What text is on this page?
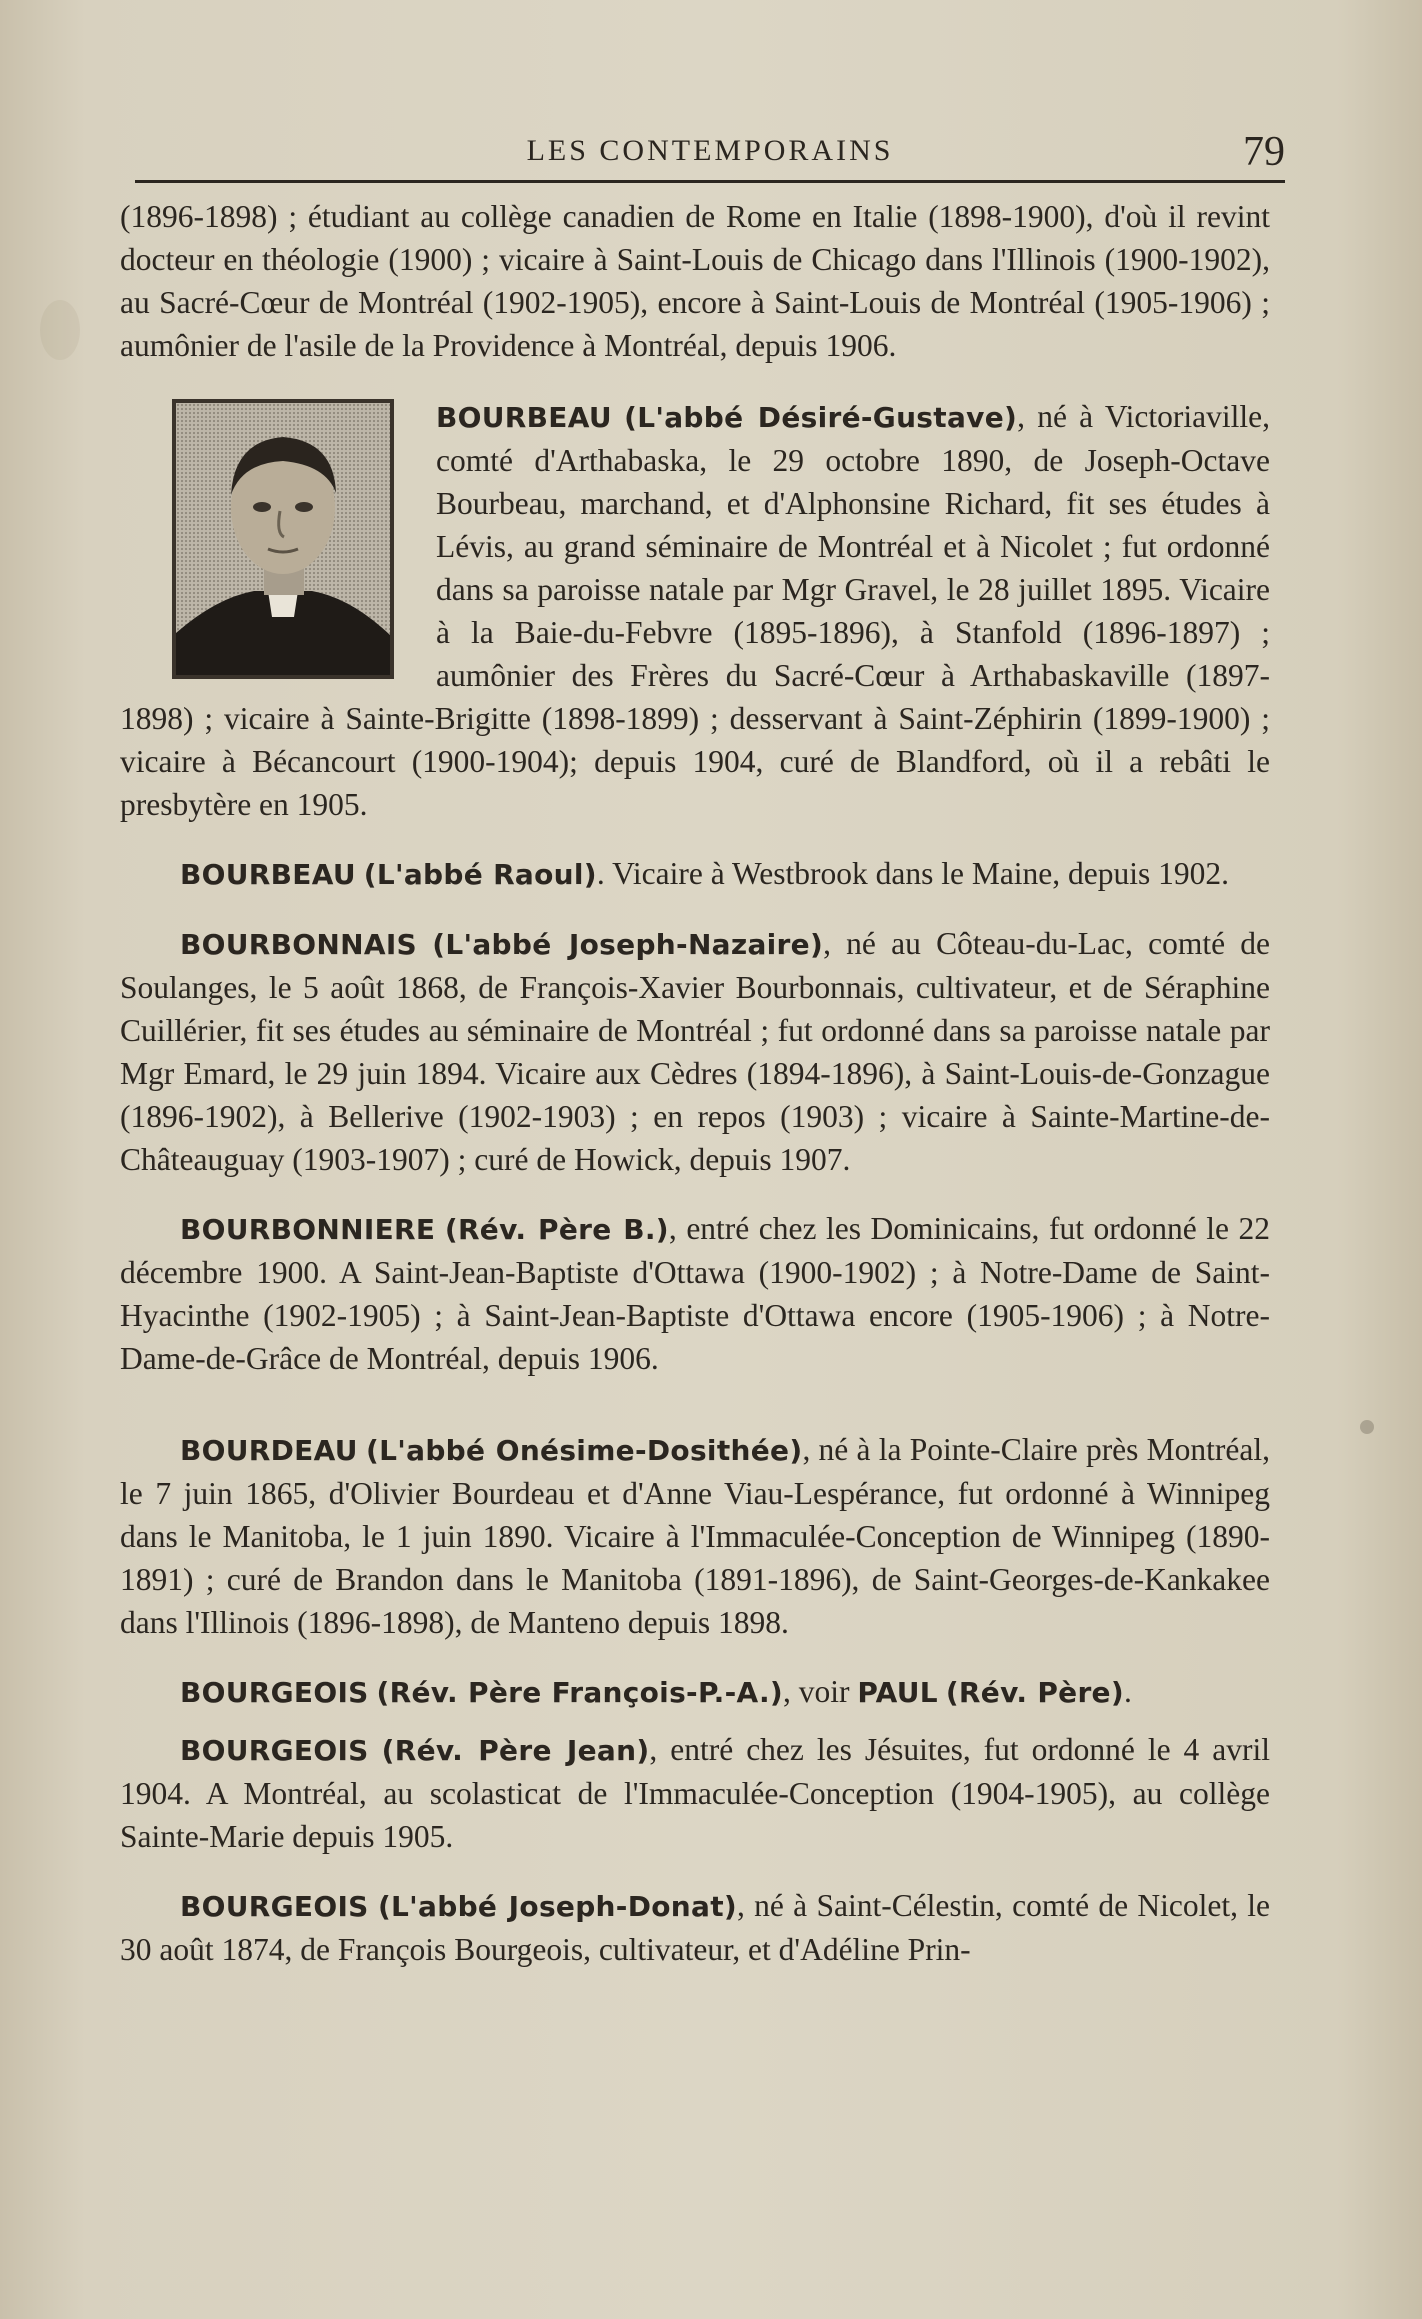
LES CONTEMPORAINS	79

(1896-1898) ; étudiant au collège canadien de Rome en Italie (1898-1900), d'où il revint docteur en théologie (1900) ; vicaire à Saint-Louis de Chicago dans l'Illinois (1900-1902), au Sacré-Cœur de Montréal (1902-1905), encore à Saint-Louis de Montréal (1905-1906) ; aumônier de l'asile de la Providence à Montréal, depuis 1906.

BOURBEAU (L'abbé Désiré-Gustave), né à Victoriaville, comté d'Arthabaska, le 29 octobre 1890, de Joseph-Octave Bourbeau, marchand, et d'Alphonsine Richard, fit ses études à Lévis, au grand séminaire de Montréal et à Nicolet ; fut ordonné dans sa paroisse natale par Mgr Gravel, le 28 juillet 1895. Vicaire à la Baie-du-Febvre (1895-1896), à Stanfold (1896-1897) ; aumônier des Frères du Sacré-Cœur à Arthabaskaville (1897-1898) ; vicaire à Sainte-Brigitte (1898-1899) ; desservant à Saint-Zéphirin (1899-1900) ; vicaire à Bécancourt (1900-1904); depuis 1904, curé de Blandford, où il a rebâti le presbytère en 1905.

BOURBEAU (L'abbé Raoul). Vicaire à Westbrook dans le Maine, depuis 1902.

BOURBONNAIS (L'abbé Joseph-Nazaire), né au Côteau-du-Lac, comté de Soulanges, le 5 août 1868, de François-Xavier Bourbonnais, cultivateur, et de Séraphine Cuillérier, fit ses études au séminaire de Montréal ; fut ordonné dans sa paroisse natale par Mgr Emard, le 29 juin 1894. Vicaire aux Cèdres (1894-1896), à Saint-Louis-de-Gonzague (1896-1902), à Bellerive (1902-1903) ; en repos (1903) ; vicaire à Sainte-Martine-de-Châteauguay (1903-1907) ; curé de Howick, depuis 1907.

BOURBONNIERE (Rév. Père B.), entré chez les Dominicains, fut ordonné le 22 décembre 1900. A Saint-Jean-Baptiste d'Ottawa (1900-1902) ; à Notre-Dame de Saint-Hyacinthe (1902-1905) ; à Saint-Jean-Baptiste d'Ottawa encore (1905-1906) ; à Notre-Dame-de-Grâce de Montréal, depuis 1906.

BOURDEAU (L'abbé Onésime-Dosithée), né à la Pointe-Claire près Montréal, le 7 juin 1865, d'Olivier Bourdeau et d'Anne Viau-Lespérance, fut ordonné à Winnipeg dans le Manitoba, le 1 juin 1890. Vicaire à l'Immaculée-Conception de Winnipeg (1890-1891) ; curé de Brandon dans le Manitoba (1891-1896), de Saint-Georges-de-Kankakee dans l'Illinois (1896-1898), de Manteno depuis 1898.

BOURGEOIS (Rév. Père François-P.-A.), voir PAUL (Rév. Père).

BOURGEOIS (Rév. Père Jean), entré chez les Jésuites, fut ordonné le 4 avril 1904. A Montréal, au scolasticat de l'Immaculée-Conception (1904-1905), au collège Sainte-Marie depuis 1905.

BOURGEOIS (L'abbé Joseph-Donat), né à Saint-Célestin, comté de Nicolet, le 30 août 1874, de François Bourgeois, cultivateur, et d'Adéline Prin-
